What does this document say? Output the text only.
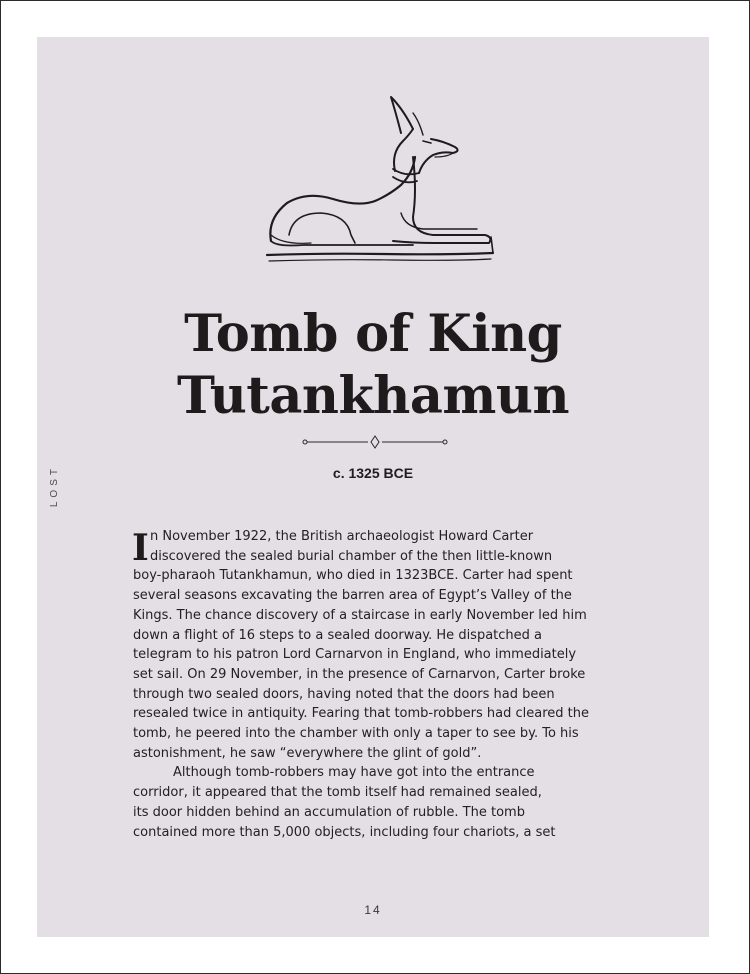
Tomb of King Tutankhamun
c. 1325 BCE
LOST
I n November 1922, the British archaeologist Howard Carter
discovered the sealed burial chamber of the then little-known
boy-pharaoh Tutankhamun, who died in 1323BCE. Carter had spent
several seasons excavating the barren area of Egypt’s Valley of the
Kings. The chance discovery of a staircase in early November led him
down a flight of 16 steps to a sealed doorway. He dispatched a
telegram to his patron Lord Carnarvon in England, who immediately
set sail. On 29 November, in the presence of Carnarvon, Carter broke
through two sealed doors, having noted that the doors had been
resealed twice in antiquity. Fearing that tomb-robbers had cleared the
tomb, he peered into the chamber with only a taper to see by. To his
astonishment, he saw “everywhere the glint of gold”.
Although tomb-robbers may have got into the entrance
corridor, it appeared that the tomb itself had remained sealed,
its door hidden behind an accumulation of rubble. The tomb
contained more than 5,000 objects, including four chariots, a set
14
